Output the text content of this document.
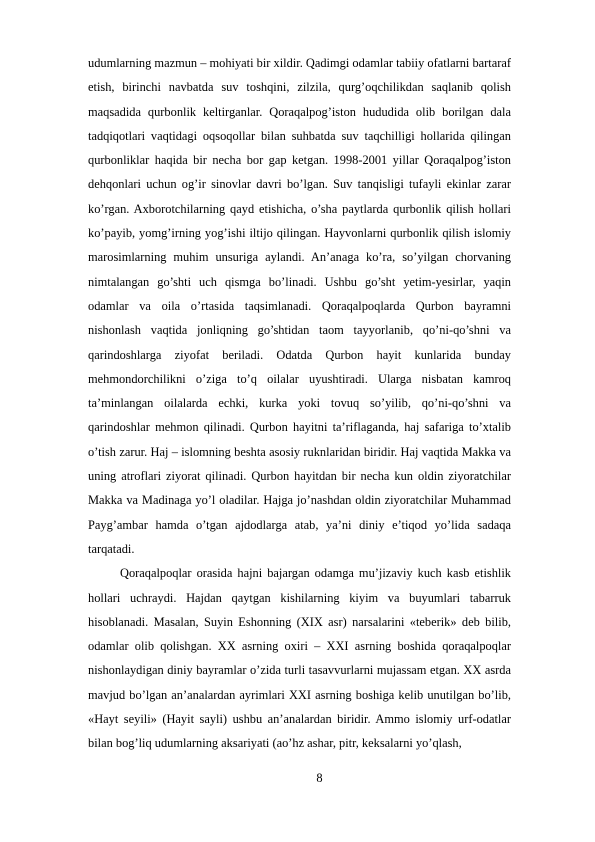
udumlarning mazmun – mohiyati bir xildir. Qadimgi odamlar tabiiy ofatlarni bartaraf etish, birinchi navbatda suv toshqini, zilzila, qurg’oqchilikdan saqlanib qolish maqsadida qurbonlik keltirganlar. Qoraqalpog’iston hududida olib borilgan dala tadqiqotlari vaqtidagi oqsoqollar bilan suhbatda suv taqchilligi hollarida qilingan qurbonliklar haqida bir necha bor gap ketgan. 1998-2001 yillar Qoraqalpog’iston dehqonlari uchun og’ir sinovlar davri bo’lgan. Suv tanqisligi tufayli ekinlar zarar ko’rgan. Axborotchilarning qayd etishicha, o’sha paytlarda qurbonlik qilish hollari ko’payib, yomg’irning yog’ishi iltijo qilingan. Hayvonlarni qurbonlik qilish islomiy marosimlarning muhim unsuriga aylandi. An’anaga ko’ra, so’yilgan chorvaning nimtalangan go’shti uch qismga bo’linadi. Ushbu go’sht yetim-yesirlar, yaqin odamlar va oila o’rtasida taqsimlanadi. Qoraqalpoqlarda Qurbon bayramni nishonlash vaqtida jonliqning go’shtidan taom tayyorlanib, qo’ni-qo’shni va qarindoshlarga ziyofat beriladi. Odatda Qurbon hayit kunlarida bunday mehmondorchilikni o’ziga to’q oilalar uyushtiradi. Ularga nisbatan kamroq ta’minlangan oilalarda echki, kurka yoki tovuq so’yilib, qo’ni-qo’shni va qarindoshlar mehmon qilinadi. Qurbon hayitni ta’riflaganda, haj safariga to’xtalib o’tish zarur. Haj – islomning beshta asosiy ruknlaridan biridir. Haj vaqtida Makka va uning atroflari ziyorat qilinadi. Qurbon hayitdan bir necha kun oldin ziyoratchilar Makka va Madinaga yo’l oladilar. Hajga jo’nashdan oldin ziyoratchilar Muhammad Payg’ambar hamda o’tgan ajdodlarga atab, ya’ni diniy e’tiqod yo’lida sadaqa tarqatadi.

Qoraqalpoqlar orasida hajni bajargan odamga mu’jizaviy kuch kasb etishlik hollari uchraydi. Hajdan qaytgan kishilarning kiyim va buyumlari tabarruk hisoblanadi. Masalan, Suyin Eshonning (XIX asr) narsalarini «teberik» deb bilib, odamlar olib qolishgan. XX asrning oxiri – XXI asrning boshida qoraqalpoqlar nishonlaydigan diniy bayramlar o’zida turli tasavvurlarni mujassam etgan. XX asrda mavjud bo’lgan an’analardan ayrimlari XXI asrning boshiga kelib unutilgan bo’lib, «Hayt seyili» (Hayit sayli) ushbu an’analardan biridir. Ammo islomiy urf-odatlar bilan bog’liq udumlarning aksariyati (ao’hz ashar, pitr, keksalarni yo’qlash,

8
